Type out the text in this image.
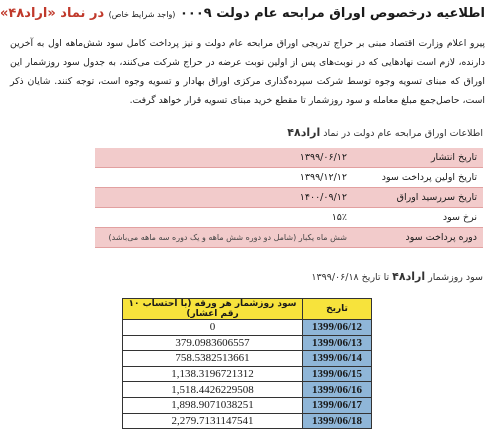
اطلاعیه درخصوص اوراق مرابحه عام دولت ۰۰۰۹ (واجد شرایط خاص) در نماد «اراد۴۸»
پیرو اعلام وزارت اقتصاد مبنی بر حراج تدریجی اوراق مرابحه عام دولت و نیز پرداخت کامل سود شش‌ماهه اول به آخرین دارنده، لازم است نهادهایی که در نوبت‌های پس از اولین نوبت عرضه در حراج شرکت می‌کنند، به جدول سود روزشمار این اوراق که مبنای تسویه وجوه توسط شرکت سپرده‌گذاری مرکزی اوراق بهادار و تسویه وجوه است، توجه کنند. شایان ذکر است، حاصل‌جمع مبلغ معامله و سود روزشمار تا مقطع خرید مبنای تسویه قرار خواهد گرفت.
اطلاعات اوراق مرابحه عام دولت در نماد اراد۴۸
تاریخ انتشار	۱۳۹۹/۰۶/۱۲
تاریخ اولین پرداخت سود	۱۳۹۹/۱۲/۱۲
تاریخ سررسید اوراق	۱۴۰۰/۰۹/۱۲
نرخ سود	۱۵٪
دوره پرداخت سود	شش ماه یکبار (شامل دو دوره شش ماهه و یک دوره سه ماهه می‌باشد)
سود روزشمار اراد۴۸ تا تاریخ ۱۳۹۹/۰۶/۱۸
تاریخ	سود روزشمار هر ورقه (با احتساب ۱۰ رقم اعشار)
1399/06/12	0
1399/06/13	379.0983606557
1399/06/14	758.5382513661
1399/06/15	1,138.3196721312
1399/06/16	1,518.4426229508
1399/06/17	1,898.9071038251
1399/06/18	2,279.7131147541
